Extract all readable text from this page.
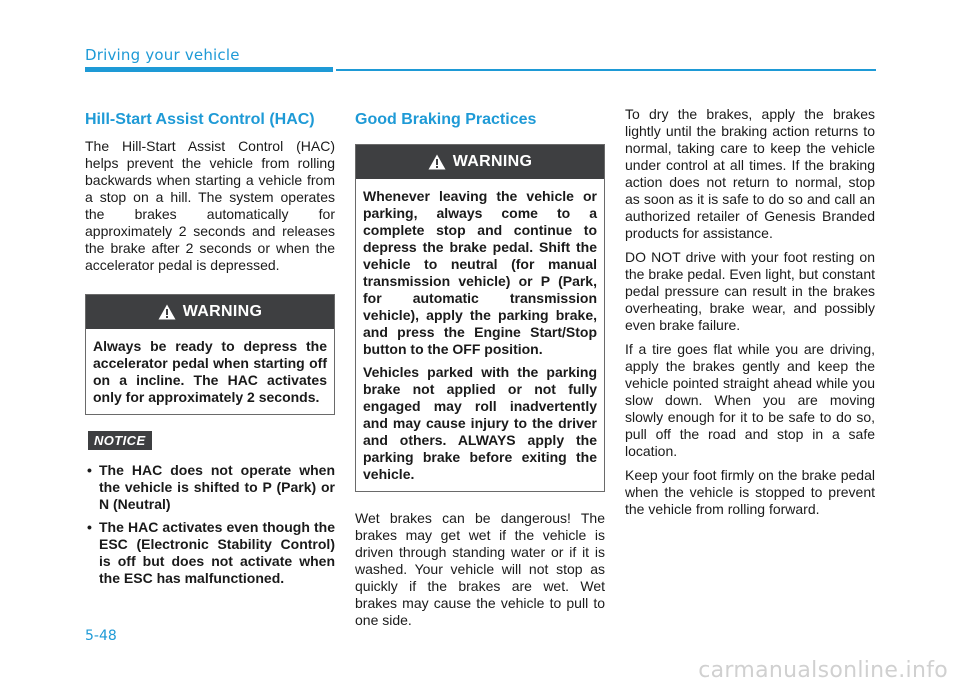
Driving your vehicle
Hill-Start Assist Control (HAC)

The Hill-Start Assist Control (HAC) helps prevent the vehicle from rolling backwards when starting a vehicle from a stop on a hill. The system operates the brakes automatically for approximately 2 seconds and releases the brake after 2 seconds or when the accelerator pedal is depressed.

WARNING

Always be ready to depress the accelerator pedal when starting off on a incline. The HAC activates only for approximately 2 seconds.

NOTICE
• The HAC does not operate when the vehicle is shifted to P (Park) or N (Neutral)
• The HAC activates even though the ESC (Electronic Stability Control) is off but does not activate when the ESC has malfunctioned.
Good Braking Practices
WARNING

Whenever leaving the vehicle or parking, always come to a complete stop and continue to depress the brake pedal. Shift the vehicle to neutral (for manual transmission vehicle) or P (Park, for automatic transmission vehicle), apply the parking brake, and press the Engine Start/Stop button to the OFF position.

Vehicles parked with the parking brake not applied or not fully engaged may roll inadvertently and may cause injury to the driver and others. ALWAYS apply the parking brake before exiting the vehicle.

Wet brakes can be dangerous! The brakes may get wet if the vehicle is driven through standing water or if it is washed. Your vehicle will not stop as quickly if the brakes are wet. Wet brakes may cause the vehicle to pull to one side.

To dry the brakes, apply the brakes lightly until the braking action returns to normal, taking care to keep the vehicle under control at all times. If the braking action does not return to normal, stop as soon as it is safe to do so and call an authorized retailer of Genesis Branded products for assistance.

DO NOT drive with your foot resting on the brake pedal. Even light, but constant pedal pressure can result in the brakes overheating, brake wear, and possibly even brake failure.

If a tire goes flat while you are driving, apply the brakes gently and keep the vehicle pointed straight ahead while you slow down. When you are moving slowly enough for it to be safe to do so, pull off the road and stop in a safe location.

Keep your foot firmly on the brake pedal when the vehicle is stopped to prevent the vehicle from rolling forward.

5-48
carmanualsonline.info
